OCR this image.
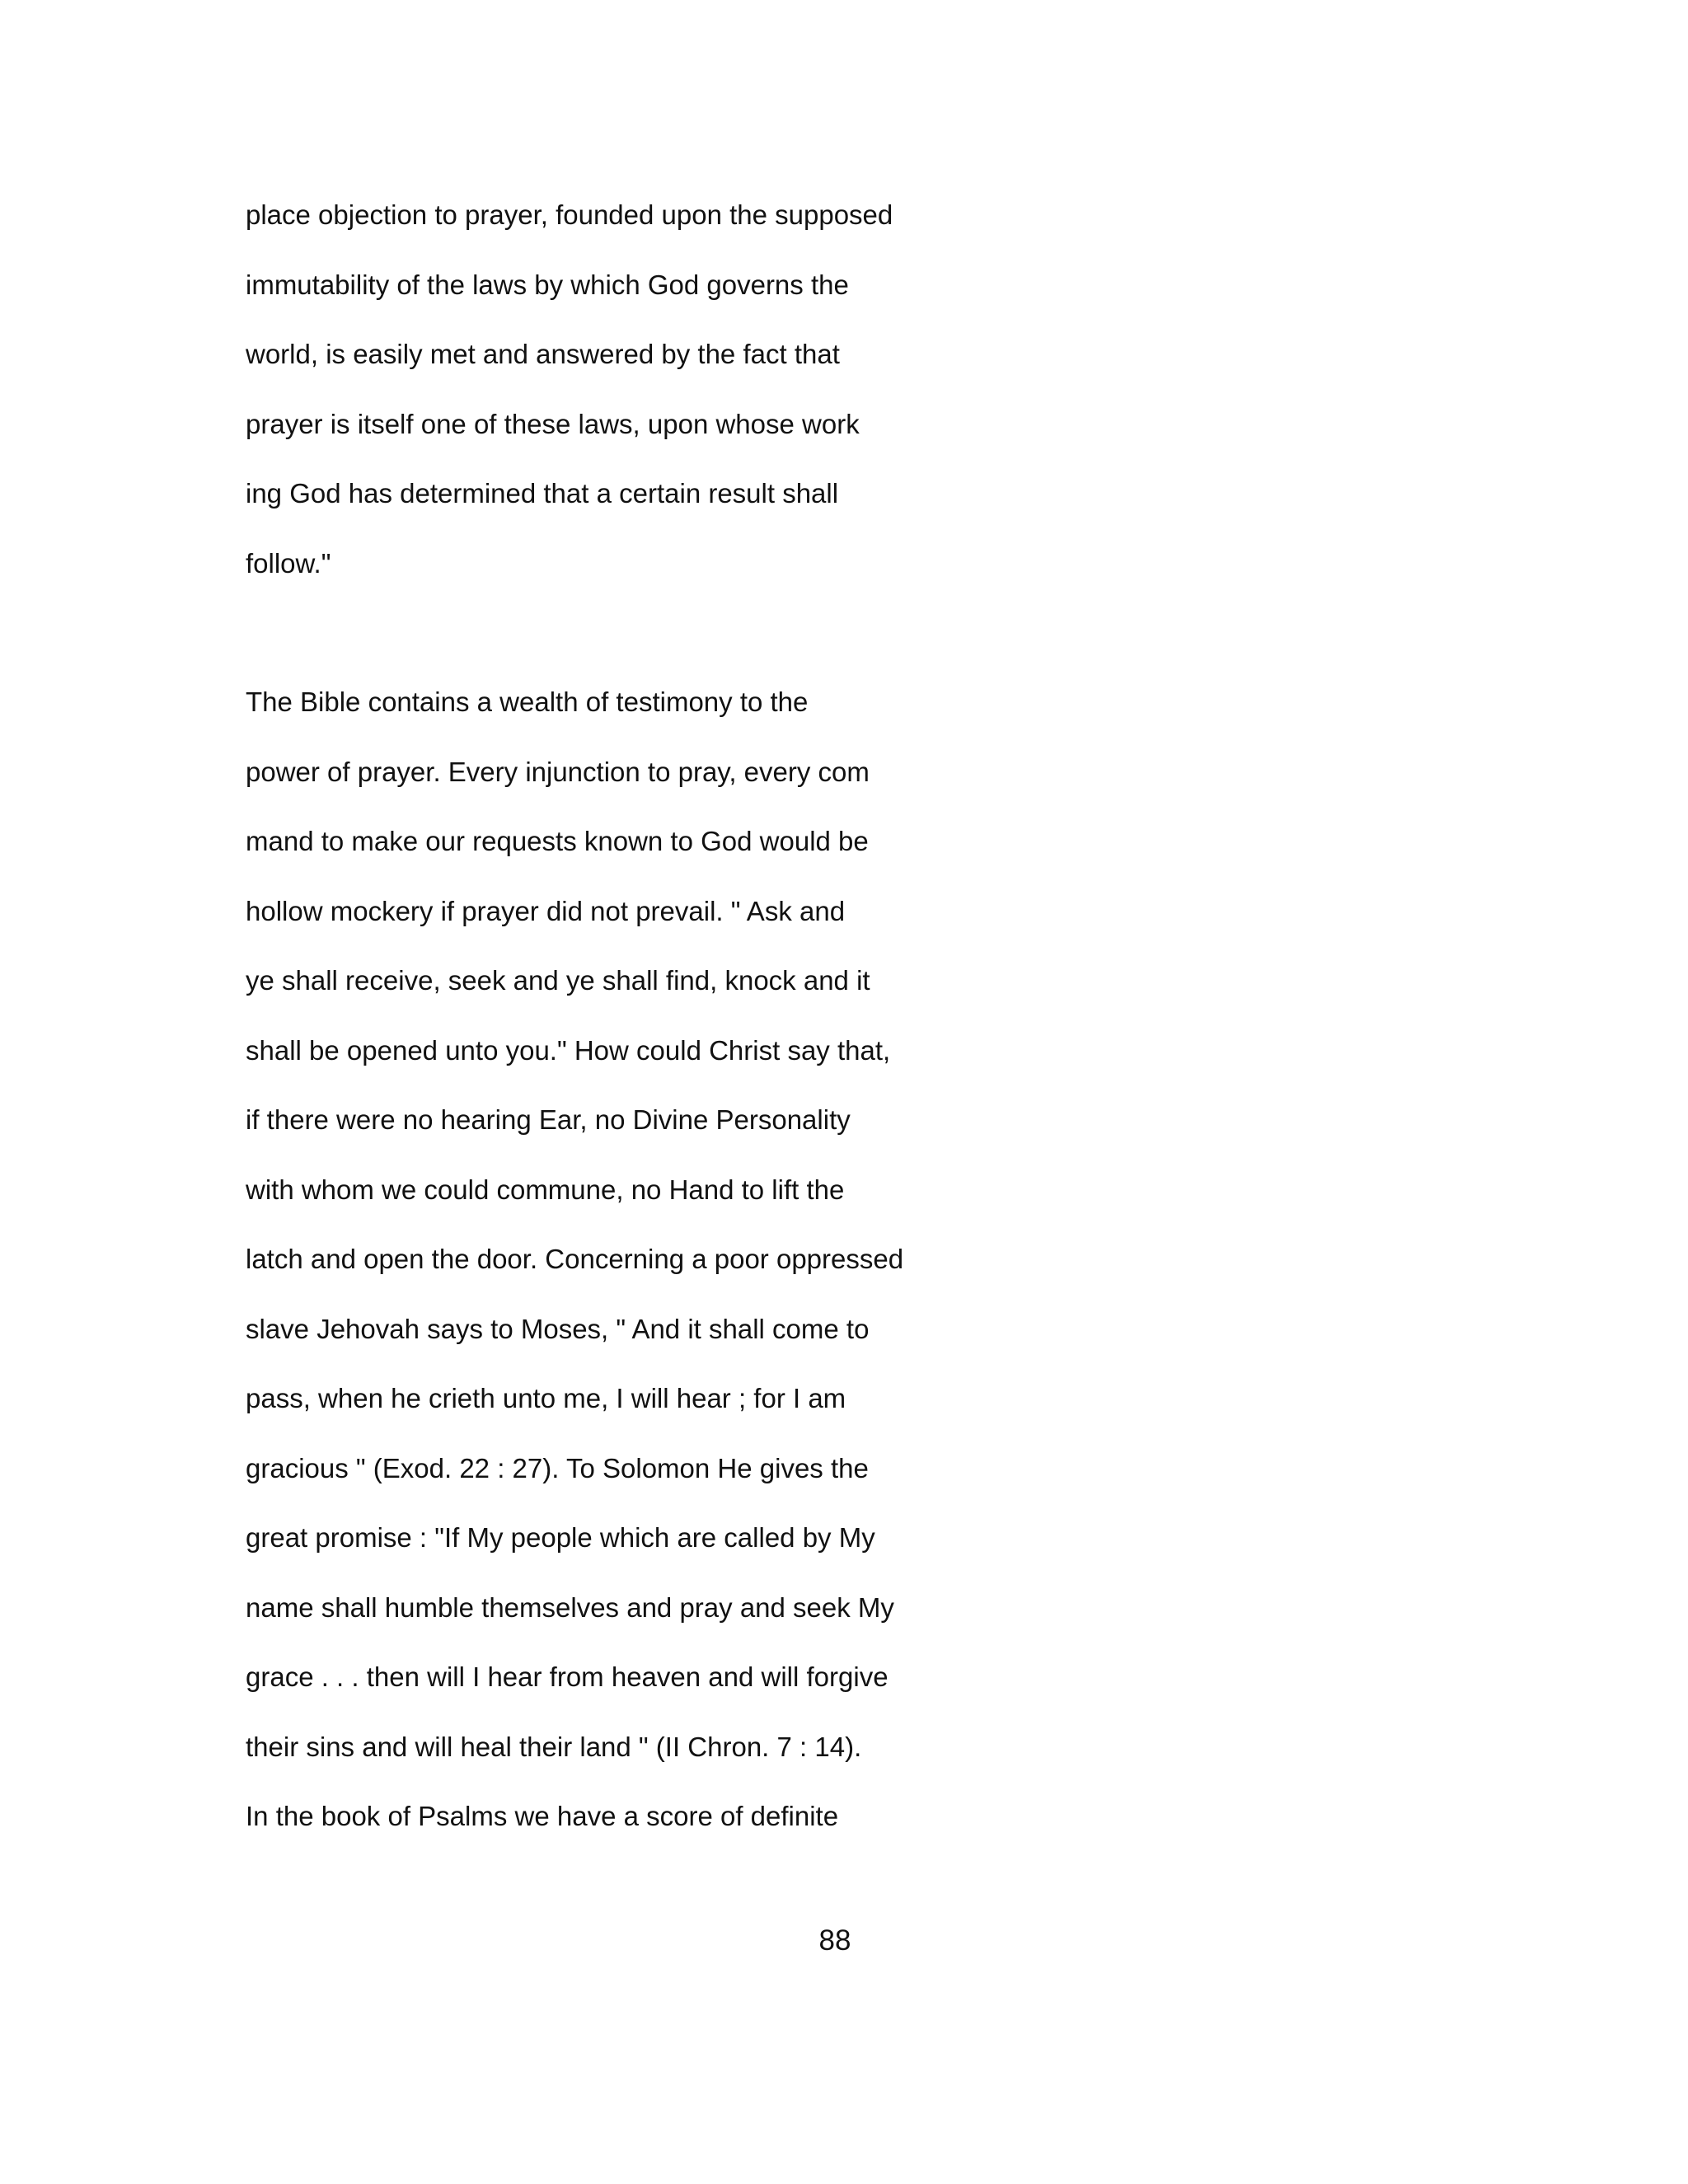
place objection to prayer, founded upon the supposed
immutability of the laws by which God governs the
world, is easily met and answered by the fact that
prayer is itself one of these laws, upon whose work
ing God has determined that a certain result shall
follow."
The Bible contains a wealth of testimony to the
power of prayer. Every injunction to pray, every com
mand to make our requests known to God would be
hollow mockery if prayer did not prevail. " Ask and
ye shall receive, seek and ye shall find, knock and it
shall be opened unto you." How could Christ say that,
if there were no hearing Ear, no Divine Personality
with whom we could commune, no Hand to lift the
latch and open the door. Concerning a poor oppressed
slave Jehovah says to Moses, " And it shall come to
pass, when he crieth unto me, I will hear ; for I am
gracious " (Exod. 22 : 27). To Solomon He gives the
great promise : "If My people which are called by My
name shall humble themselves and pray and seek My
grace . . . then will I hear from heaven and will forgive
their sins and will heal their land " (II Chron. 7 : 14).
In the book of Psalms we have a score of definite
88
